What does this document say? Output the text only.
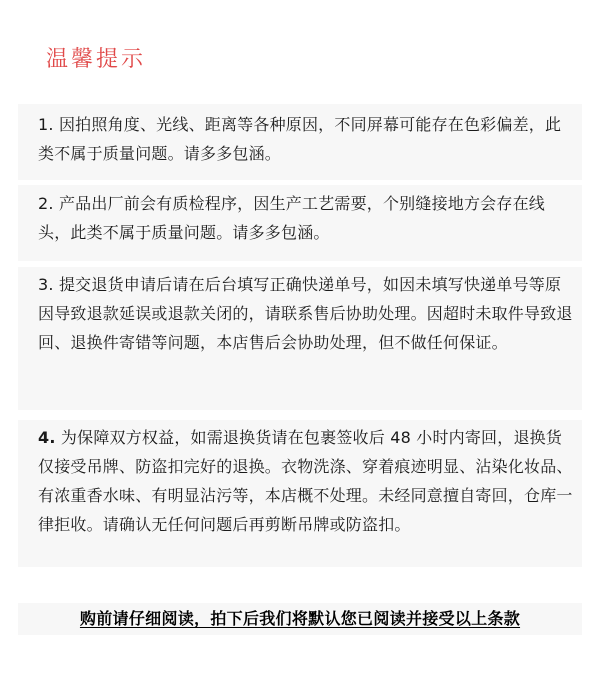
温馨提示
1. 因拍照角度、光线、距离等各种原因，不同屏幕可能存在色彩偏差，此类不属于质量问题。请多多包涵。
2. 产品出厂前会有质检程序，因生产工艺需要，个别缝接地方会存在线头，此类不属于质量问题。请多多包涵。
3. 提交退货申请后请在后台填写正确快递单号，如因未填写快递单号等原因导致退款延误或退款关闭的，请联系售后协助处理。因超时未取件导致退回、退换件寄错等问题，本店售后会协助处理，但不做任何保证。
4. 为保障双方权益，如需退换货请在包裹签收后 48 小时内寄回，退换货仅接受吊牌、防盗扣完好的退换。衣物洗涤、穿着痕迹明显、沾染化妆品、有浓重香水味、有明显沾污等，本店概不处理。未经同意擅自寄回，仓库一律拒收。请确认无任何问题后再剪断吊牌或防盗扣。
购前请仔细阅读，拍下后我们将默认您已阅读并接受以上条款
